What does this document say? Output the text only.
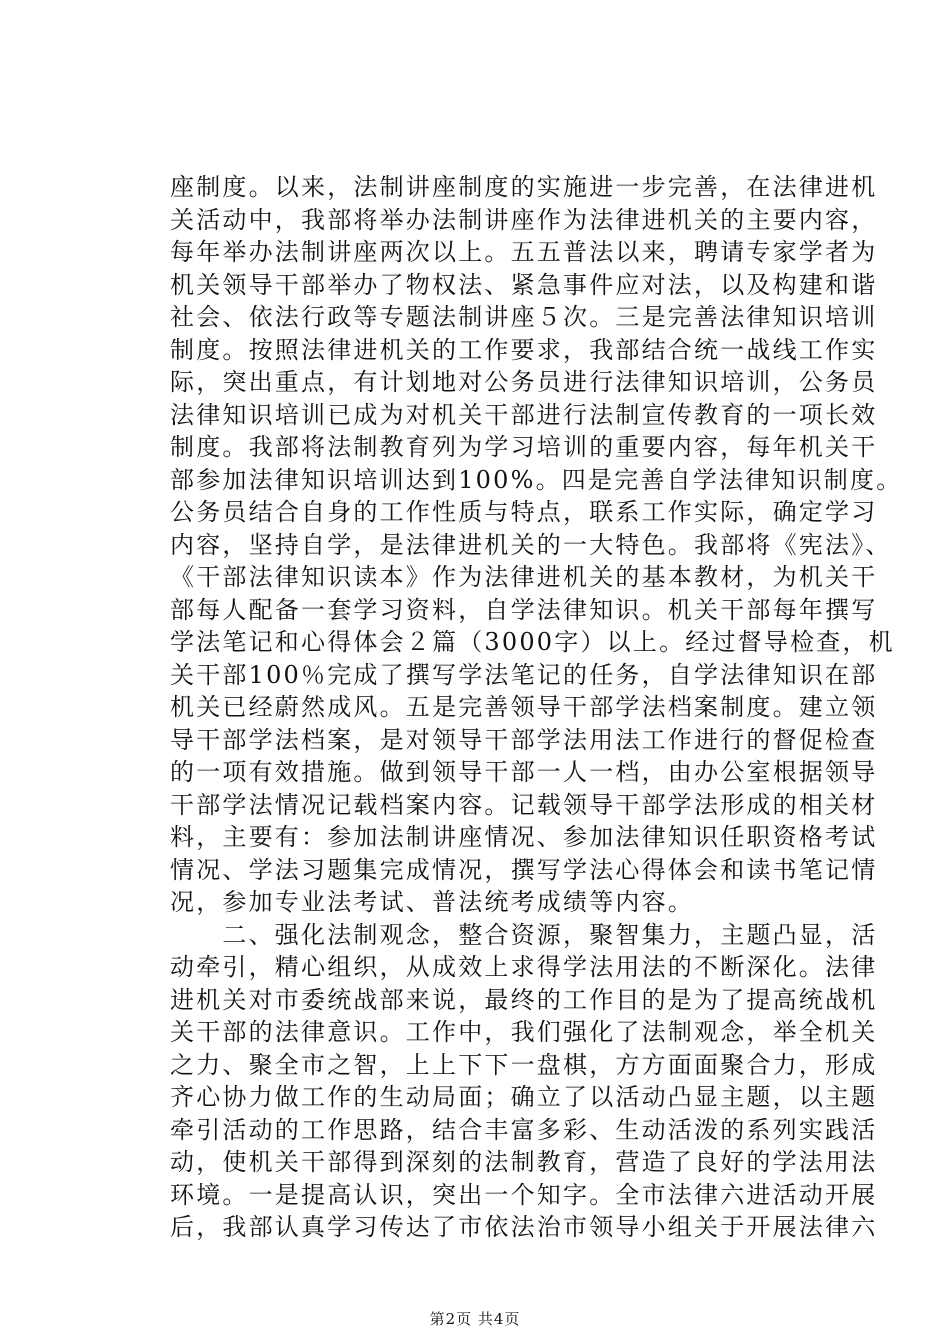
座制度。以来，法制讲座制度的实施进一步完善，在法律进机
关活动中，我部将举办法制讲座作为法律进机关的主要内容，
每年举办法制讲座两次以上。五五普法以来，聘请专家学者为
机关领导干部举办了物权法、紧急事件应对法，以及构建和谐
社会、依法行政等专题法制讲座５次。三是完善法律知识培训
制度。按照法律进机关的工作要求，我部结合统一战线工作实
际，突出重点，有计划地对公务员进行法律知识培训，公务员
法律知识培训已成为对机关干部进行法制宣传教育的一项长效
制度。我部将法制教育列为学习培训的重要内容，每年机关干
部参加法律知识培训达到100%。四是完善自学法律知识制度。
公务员结合自身的工作性质与特点，联系工作实际，确定学习
内容，坚持自学，是法律进机关的一大特色。我部将《宪法》、
《干部法律知识读本》作为法律进机关的基本教材，为机关干
部每人配备一套学习资料，自学法律知识。机关干部每年撰写
学法笔记和心得体会２篇（3000字）以上。经过督导检查，机
关干部100％完成了撰写学法笔记的任务，自学法律知识在部
机关已经蔚然成风。五是完善领导干部学法档案制度。建立领
导干部学法档案，是对领导干部学法用法工作进行的督促检查
的一项有效措施。做到领导干部一人一档，由办公室根据领导
干部学法情况记载档案内容。记载领导干部学法形成的相关材
料，主要有：参加法制讲座情况、参加法律知识任职资格考试
情况、学法习题集完成情况，撰写学法心得体会和读书笔记情
况，参加专业法考试、普法统考成绩等内容。
　　二、强化法制观念，整合资源，聚智集力，主题凸显，活
动牵引，精心组织，从成效上求得学法用法的不断深化。法律
进机关对市委统战部来说，最终的工作目的是为了提高统战机
关干部的法律意识。工作中，我们强化了法制观念，举全机关
之力、聚全市之智，上上下下一盘棋，方方面面聚合力，形成
齐心协力做工作的生动局面；确立了以活动凸显主题，以主题
牵引活动的工作思路，结合丰富多彩、生动活泼的系列实践活
动，使机关干部得到深刻的法制教育，营造了良好的学法用法
环境。一是提高认识，突出一个知字。全市法律六进活动开展
后，我部认真学习传达了市依法治市领导小组关于开展法律六
第2页 共4页
